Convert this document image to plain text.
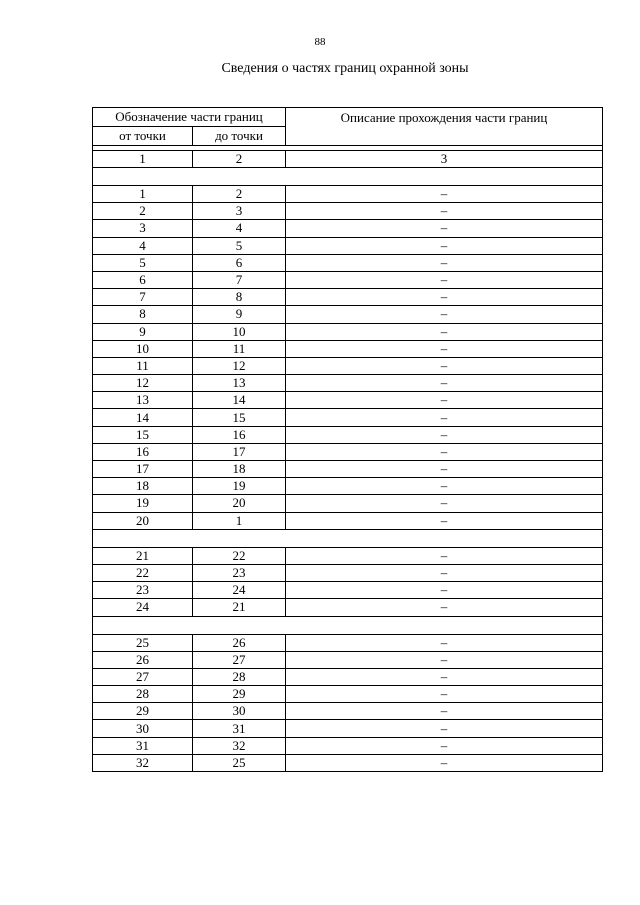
88
Сведения о частях границ охранной зоны
Обозначение части границ		Описание прохождения части границ
от точки	до точки	

1	2	3

1	2	–
2	3	–
3	4	–
4	5	–
5	6	–
6	7	–
7	8	–
8	9	–
9	10	–
10	11	–
11	12	–
12	13	–
13	14	–
14	15	–
15	16	–
16	17	–
17	18	–
18	19	–
19	20	–
20	1	–

21	22	–
22	23	–
23	24	–
24	21	–

25	26	–
26	27	–
27	28	–
28	29	–
29	30	–
30	31	–
31	32	–
32	25	–
